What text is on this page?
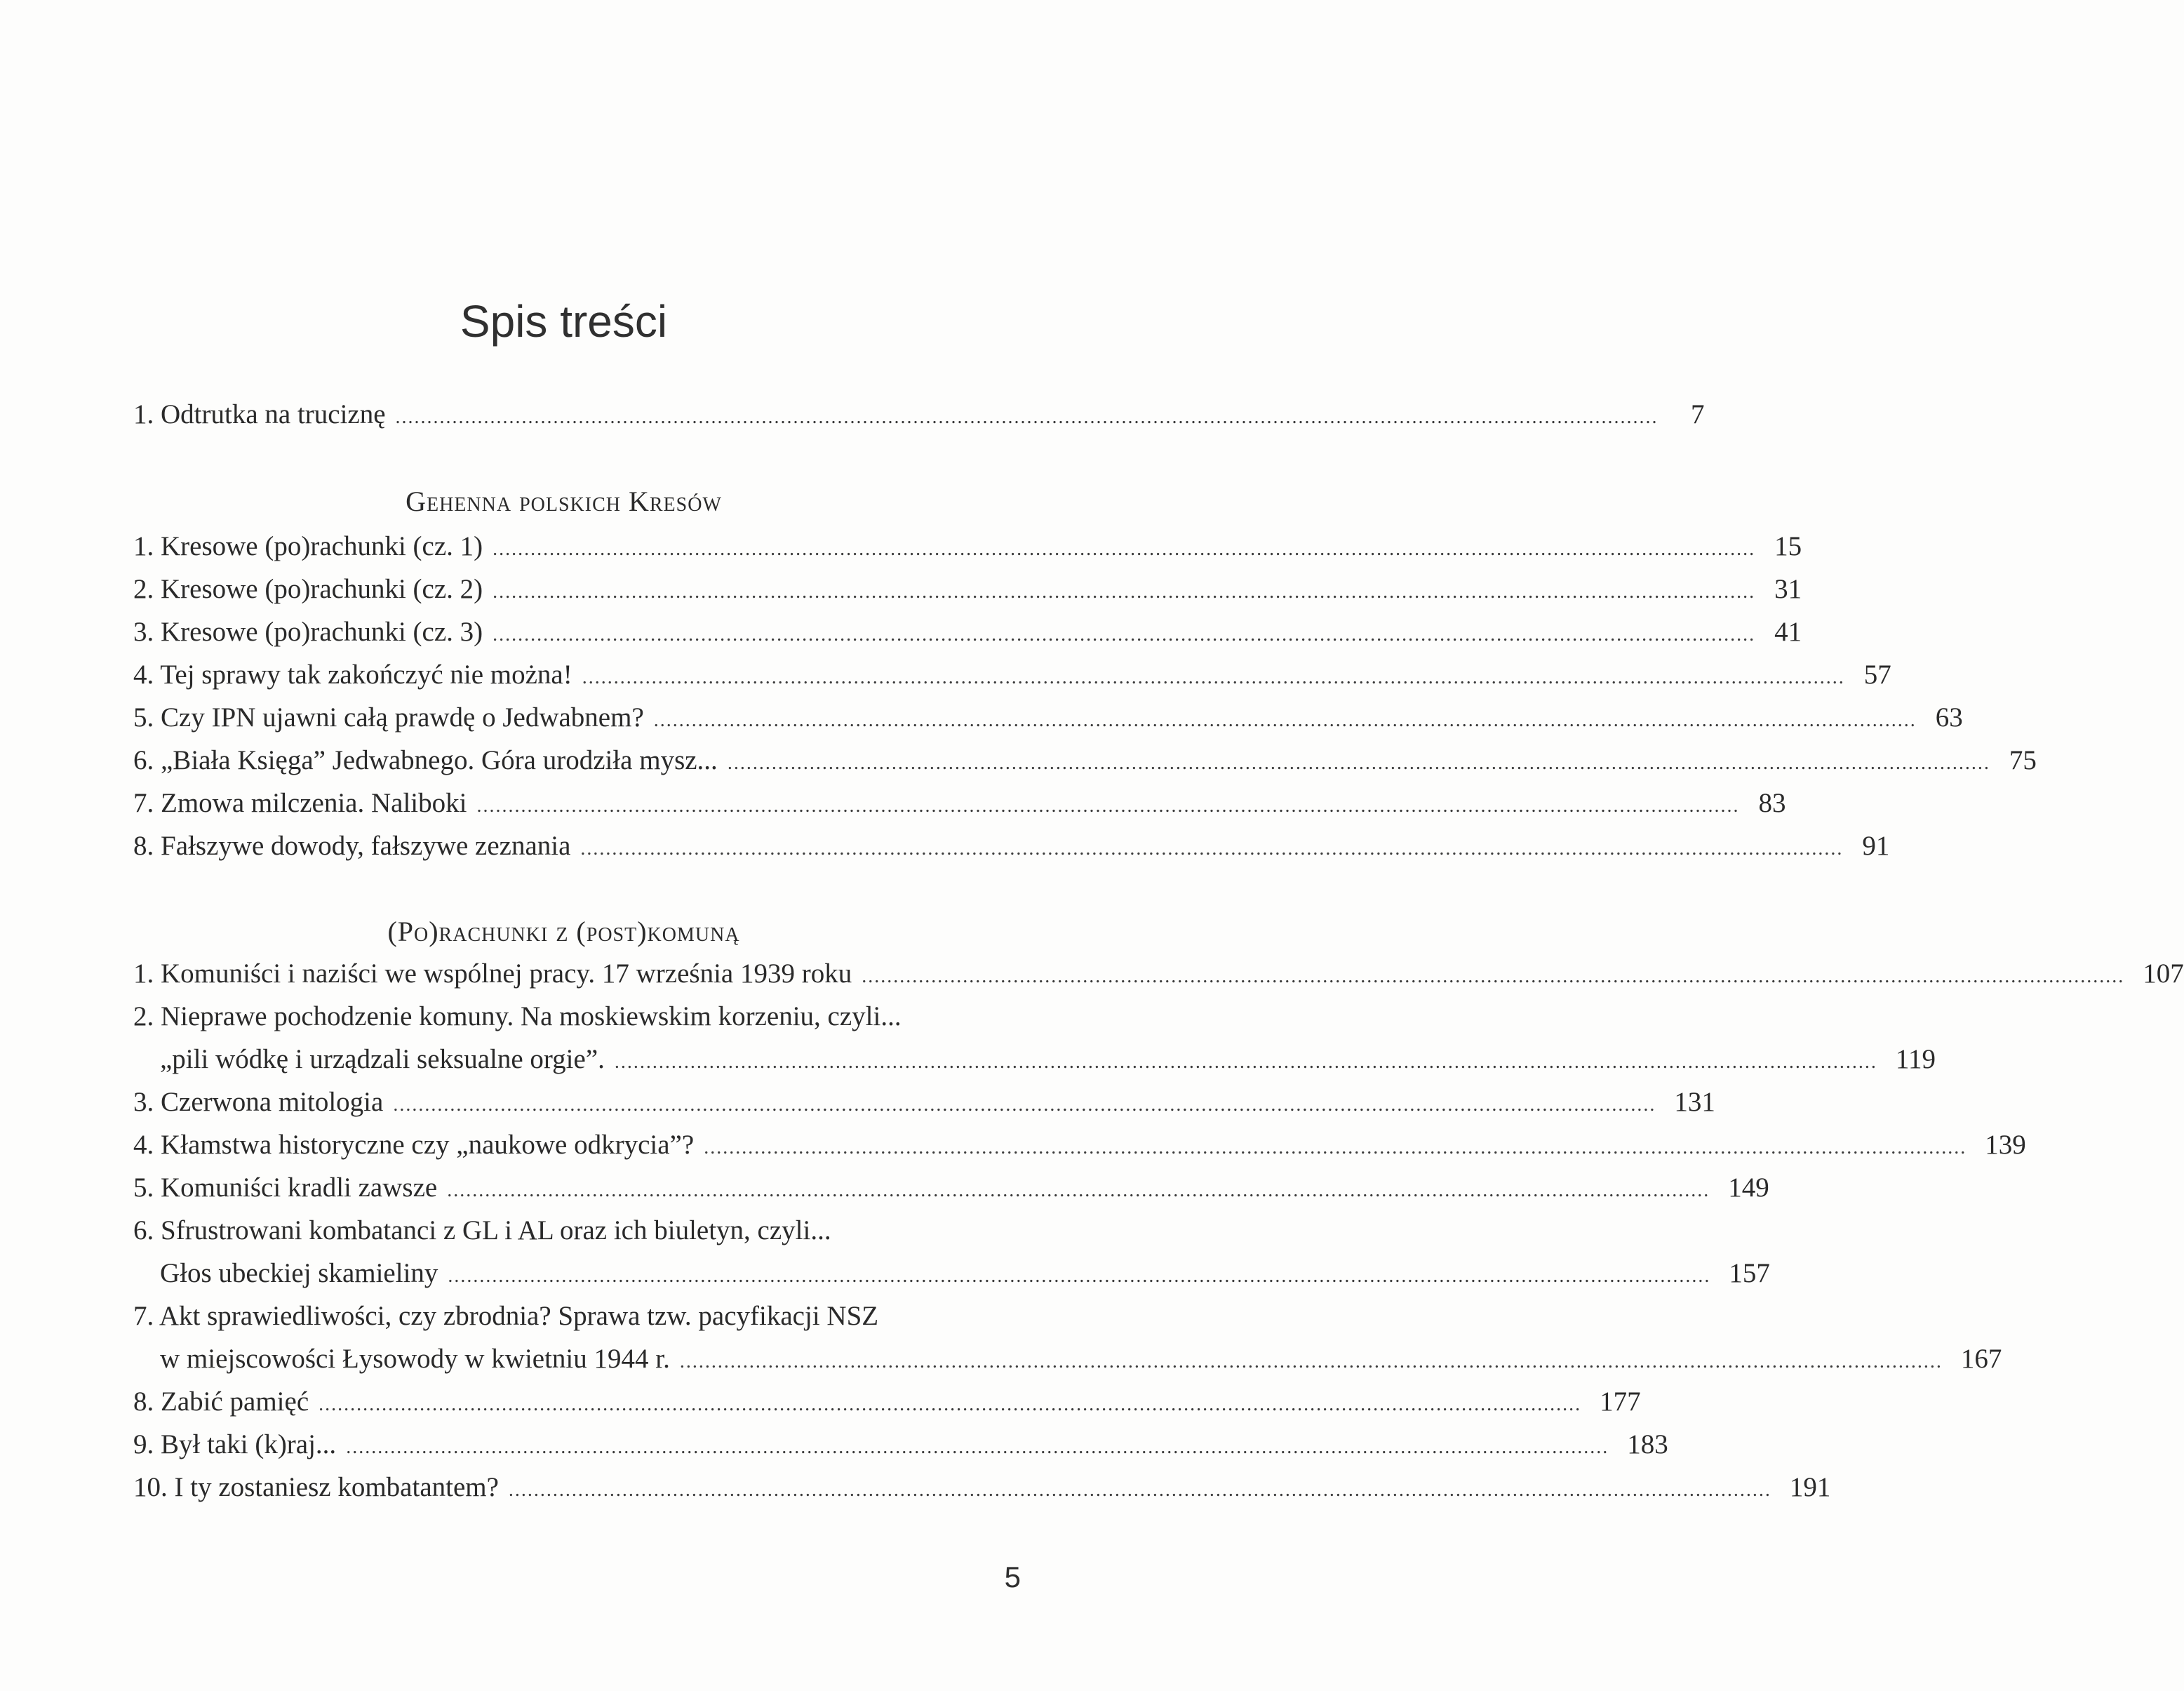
Spis treści
1. Odtrutka na truciznę ........................................................................................................................................................................................................	7
Gehenna polskich Kresów
1. Kresowe (po)rachunki (cz. 1) ........................................................................................................................................................................................................ 15
2. Kresowe (po)rachunki (cz. 2) ........................................................................................................................................................................................................ 31
3. Kresowe (po)rachunki (cz. 3) ........................................................................................................................................................................................................ 41
4. Tej sprawy tak zakończyć nie można! ........................................................................................................................................................................................................ 57
5. Czy IPN ujawni całą prawdę o Jedwabnem? ........................................................................................................................................................................................................ 63
6. „Biała Księga” Jedwabnego. Góra urodziła mysz... ........................................................................................................................................................................................................ 75
7. Zmowa milczenia. Naliboki ........................................................................................................................................................................................................ 83
8. Fałszywe dowody, fałszywe zeznania ........................................................................................................................................................................................................ 91
(Po)rachunki z (post)komuną
1. Komuniści i naziści we wspólnej pracy. 17 września 1939 roku ........................................................................................................................................................................................................ 107
2. Nieprawe pochodzenie komuny. Na moskiewskim korzeniu, czyli...
„pili wódkę i urządzali seksualne orgie”. ........................................................................................................................................................................................................ 119
3. Czerwona mitologia ........................................................................................................................................................................................................ 131
4. Kłamstwa historyczne czy „naukowe odkrycia”? ........................................................................................................................................................................................................ 139
5. Komuniści kradli zawsze ........................................................................................................................................................................................................ 149
6. Sfrustrowani kombatanci z GL i AL oraz ich biuletyn, czyli...
Głos ubeckiej skamieliny ........................................................................................................................................................................................................ 157
7. Akt sprawiedliwości, czy zbrodnia? Sprawa tzw. pacyfikacji NSZ
w miejscowości Łysowody w kwietniu 1944 r. ........................................................................................................................................................................................................ 167
8. Zabić pamięć ........................................................................................................................................................................................................ 177
9. Był taki (k)raj... ........................................................................................................................................................................................................ 183
10. I ty zostaniesz kombatantem? ........................................................................................................................................................................................................ 191
5
